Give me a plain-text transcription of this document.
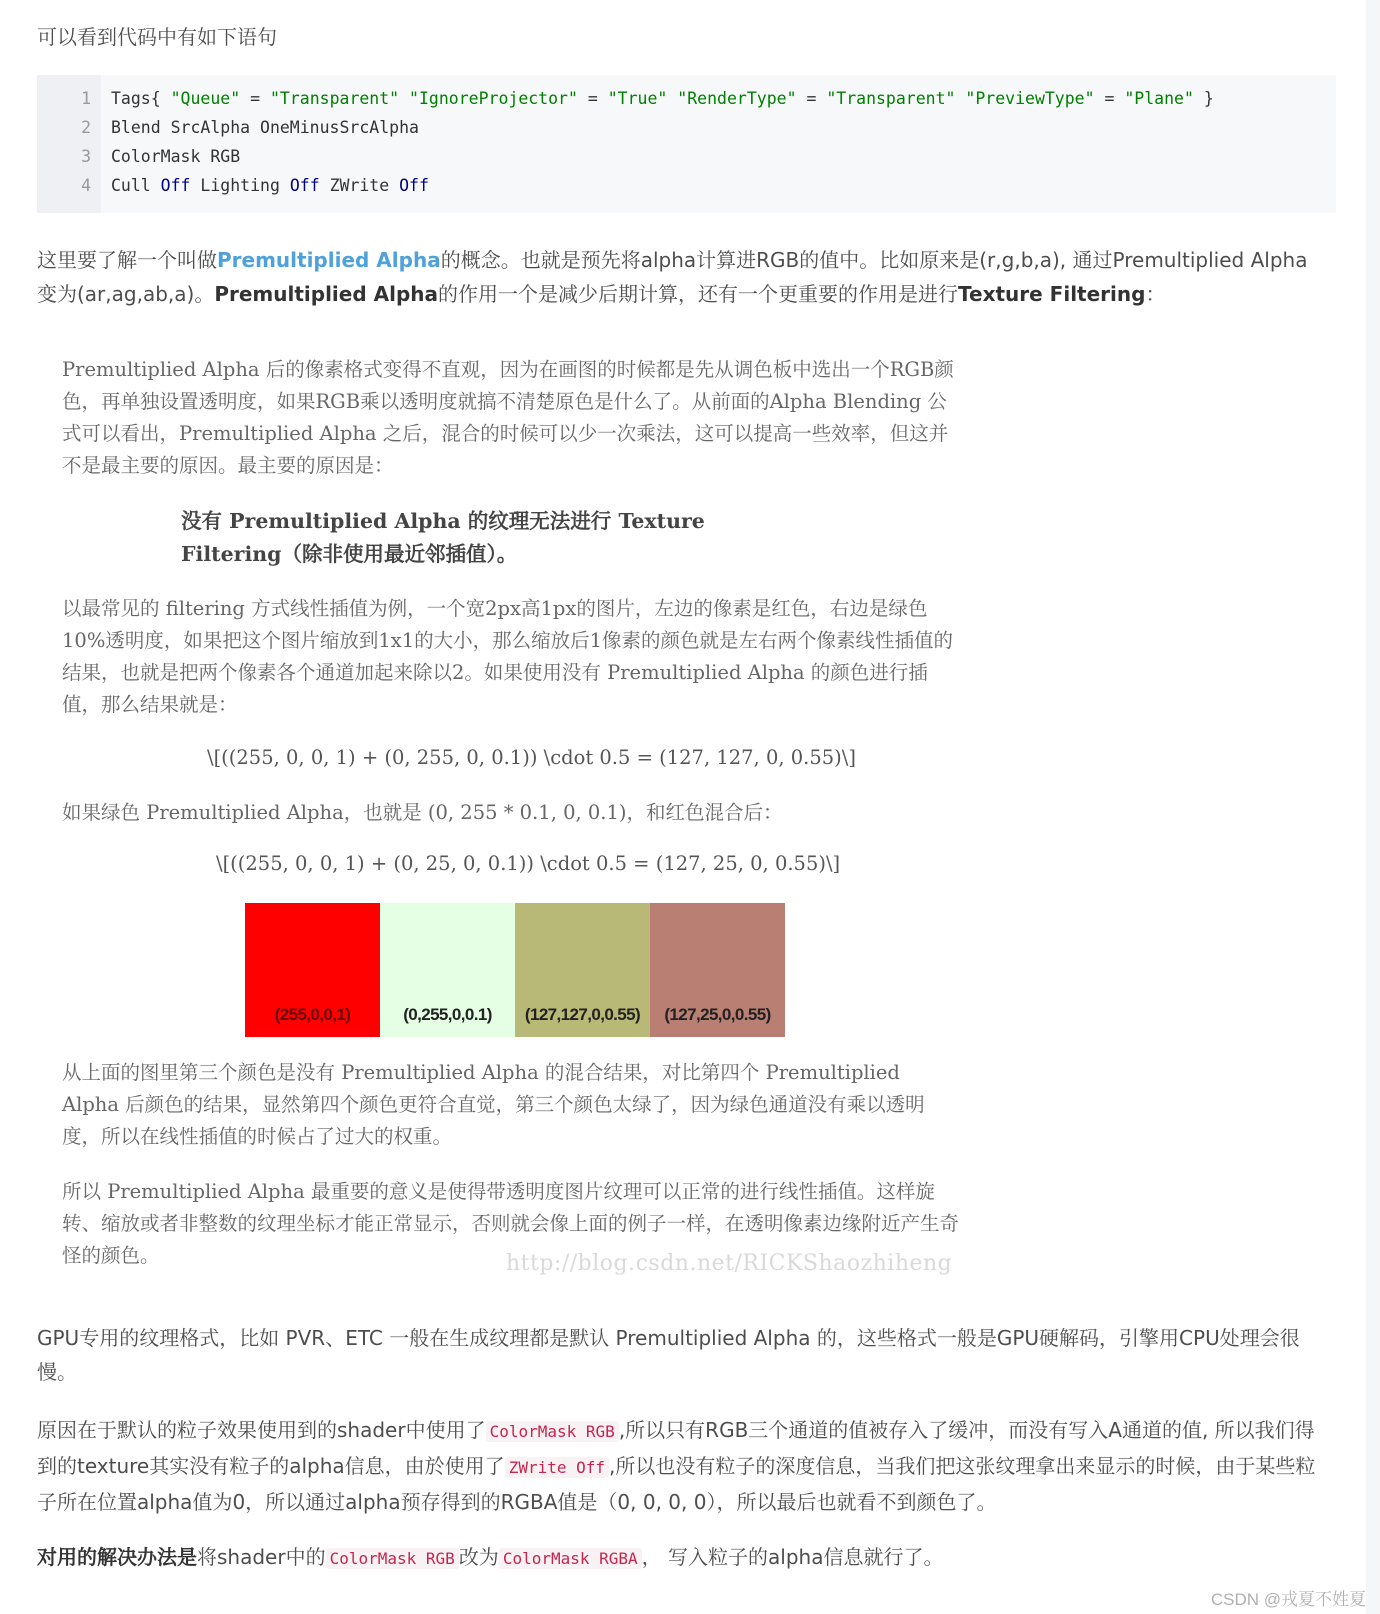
可以看到代码中有如下语句

1 Tags{ "Queue" = "Transparent" "IgnoreProjector" = "True" "RenderType" = "Transparent" "PreviewType" = "Plane" }
2 Blend SrcAlpha OneMinusSrcAlpha
3 ColorMask RGB
4 Cull Off Lighting Off ZWrite Off

这里要了解一个叫做Premultiplied Alpha的概念。也就是预先将alpha计算进RGB的值中。比如原来是(r,g,b,a), 通过Premultiplied Alpha变为(ar,ag,ab,a)。Premultiplied Alpha的作用一个是减少后期计算，还有一个更重要的作用是进行Texture Filtering：

Premultiplied Alpha 后的像素格式变得不直观，因为在画图的时候都是先从调色板中选出一个RGB颜色，再单独设置透明度，如果RGB乘以透明度就搞不清楚原色是什么了。从前面的Alpha Blending 公式可以看出，Premultiplied Alpha 之后，混合的时候可以少一次乘法，这可以提高一些效率，但这并不是最主要的原因。最主要的原因是：
没有 Premultiplied Alpha 的纹理无法进行 Texture Filtering（除非使用最近邻插值）。
以最常见的 filtering 方式线性插值为例，一个宽2px高1px的图片，左边的像素是红色，右边是绿色10%透明度，如果把这个图片缩放到1x1的大小，那么缩放后1像素的颜色就是左右两个像素线性插值的结果，也就是把两个像素各个通道加起来除以2。如果使用没有 Premultiplied Alpha 的颜色进行插值，那么结果就是：
\[((255, 0, 0, 1) + (0, 255, 0, 0.1)) \cdot 0.5 = (127, 127, 0, 0.55)\]
如果绿色 Premultiplied Alpha，也就是 (0, 255 * 0.1, 0, 0.1)，和红色混合后：
\[((255, 0, 0, 1) + (0, 25, 0, 0.1)) \cdot 0.5 = (127, 25, 0, 0.55)\]
(255,0,0,1)	(0,255,0,0.1)	(127,127,0,0.55)	(127,25,0,0.55)
从上面的图里第三个颜色是没有 Premultiplied Alpha 的混合结果，对比第四个 Premultiplied Alpha 后颜色的结果，显然第四个颜色更符合直觉，第三个颜色太绿了，因为绿色通道没有乘以透明度，所以在线性插值的时候占了过大的权重。
所以 Premultiplied Alpha 最重要的意义是使得带透明度图片纹理可以正常的进行线性插值。这样旋转、缩放或者非整数的纹理坐标才能正常显示，否则就会像上面的例子一样，在透明像素边缘附近产生奇怪的颜色。	http://blog.csdn.net/RICKShaozhiheng

GPU专用的纹理格式，比如 PVR、ETC 一般在生成纹理都是默认 Premultiplied Alpha 的，这些格式一般是GPU硬解码，引擎用CPU处理会很慢。

原因在于默认的粒子效果使用到的shader中使用了 ColorMask RGB ,所以只有RGB三个通道的值被存入了缓冲，而没有写入A通道的值, 所以我们得到的texture其实没有粒子的alpha信息，由於使用了 ZWrite Off ,所以也没有粒子的深度信息，当我们把这张纹理拿出来显示的时候，由于某些粒子所在位置alpha值为0，所以通过alpha预存得到的RGBA值是（0, 0, 0, 0），所以最后也就看不到颜色了。

对用的解决办法是将shader中的 ColorMask RGB 改为 ColorMask RGBA ， 写入粒子的alpha信息就行了。

CSDN @戎夏不姓夏
